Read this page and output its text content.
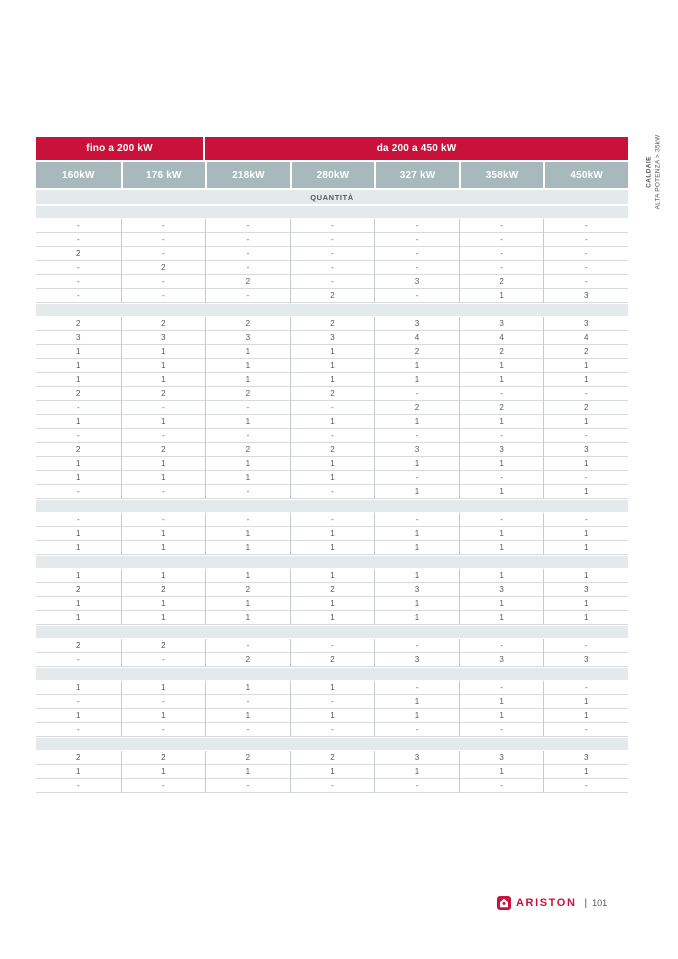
fino a 200 kW		da 200 a 450 kW				
160kW	176 kW	218kW	280kW	327 kW	358kW	450kW
QUANTITÀ						

-	-	-	-	-	-	-
-	-	-	-	-	-	-
2	-	-	-	-	-	-
-	2	-	-	-	-	-
-	-	2	-	3	2	-
-	-	-	2	-	1	3

2	2	2	2	3	3	3
3	3	3	3	4	4	4
1	1	1	1	2	2	2
1	1	1	1	1	1	1
1	1	1	1	1	1	1
2	2	2	2	-	-	-
-	-	-	-	2	2	2
1	1	1	1	1	1	1
-	-	-	-	-	-	-
2	2	2	2	3	3	3
1	1	1	1	1	1	1
1	1	1	1	-	-	-
-	-	-	-	1	1	1

-	-	-	-	-	-	-
1	1	1	1	1	1	1
1	1	1	1	1	1	1

1	1	1	1	1	1	1
2	2	2	2	3	3	3
1	1	1	1	1	1	1
1	1	1	1	1	1	1

2	2	-	-	-	-	-
-	-	2	2	3	3	3

1	1	1	1	-	-	-
-	-	-	-	1	1	1
1	1	1	1	1	1	1
-	-	-	-	-	-	-

2	2	2	2	3	3	3
1	1	1	1	1	1	1
-	-	-	-	-	-	-
CALDAIE ALTA POTENZA > 35kW
ARISTON | 101
